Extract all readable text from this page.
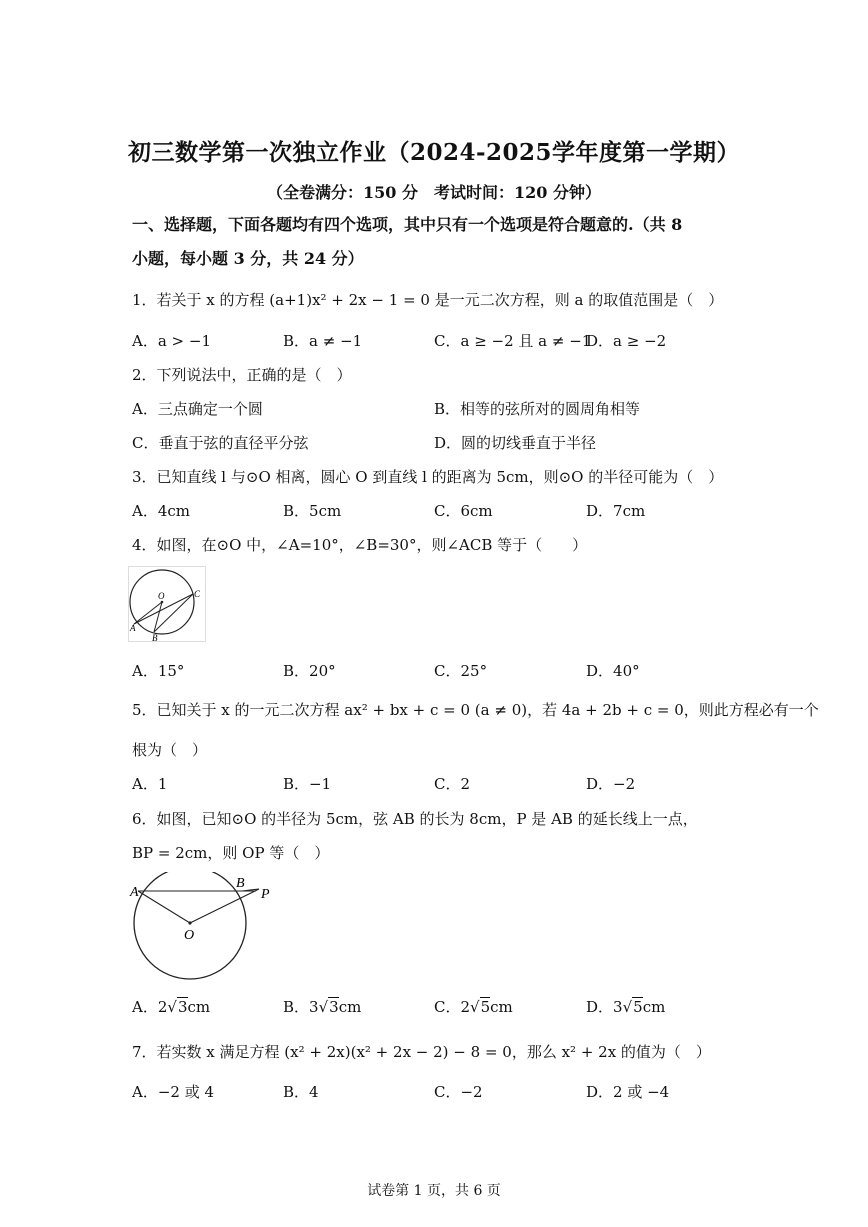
初三数学第一次独立作业（2024-2025学年度第一学期）
（全卷满分：150 分　考试时间：120 分钟）
一、选择题，下面各题均有四个选项，其中只有一个选项是符合题意的.（共 8
小题，每小题 3 分，共 24 分）
1．若关于 x 的方程 (a+1)x² + 2x − 1 = 0 是一元二次方程，则 a 的取值范围是（　）
A．a > −1	B．a ≠ −1	C．a ≥ −2 且 a ≠ −1
D．a ≥ −2
2．下列说法中，正确的是（　）
A．三点确定一个圆	B．相等的弦所对的圆周角相等
C．垂直于弦的直径平分弦	D．圆的切线垂直于半径
3．已知直线 l 与⊙O 相离，圆心 O 到直线 l 的距离为 5cm，则⊙O 的半径可能为（　）
A．4cm	B．5cm	C．6cm	D．7cm
4．如图，在⊙O 中，∠A=10°，∠B=30°，则∠ACB 等于（　　）
O	C
A
B
A．15°	B．20°	C．25°	D．40°
5．已知关于 x 的一元二次方程 ax² + bx + c = 0 (a ≠ 0)，若 4a + 2b + c = 0，则此方程必有一个
根为（　）
A．1	B．−1	C．2	D．−2
6．如图，已知⊙O 的半径为 5cm，弦 AB 的长为 8cm，P 是 AB 的延长线上一点，
BP = 2cm，则 OP 等（　）
A
B
P
O
A．2√3cm	B．3√3cm	C．2√5cm	D．3√5cm
7．若实数 x 满足方程 (x² + 2x)(x² + 2x − 2) − 8 = 0，那么 x² + 2x 的值为（　）
A．−2 或 4	B．4	C．−2	D．2 或 −4
试卷第 1 页，共 6 页
